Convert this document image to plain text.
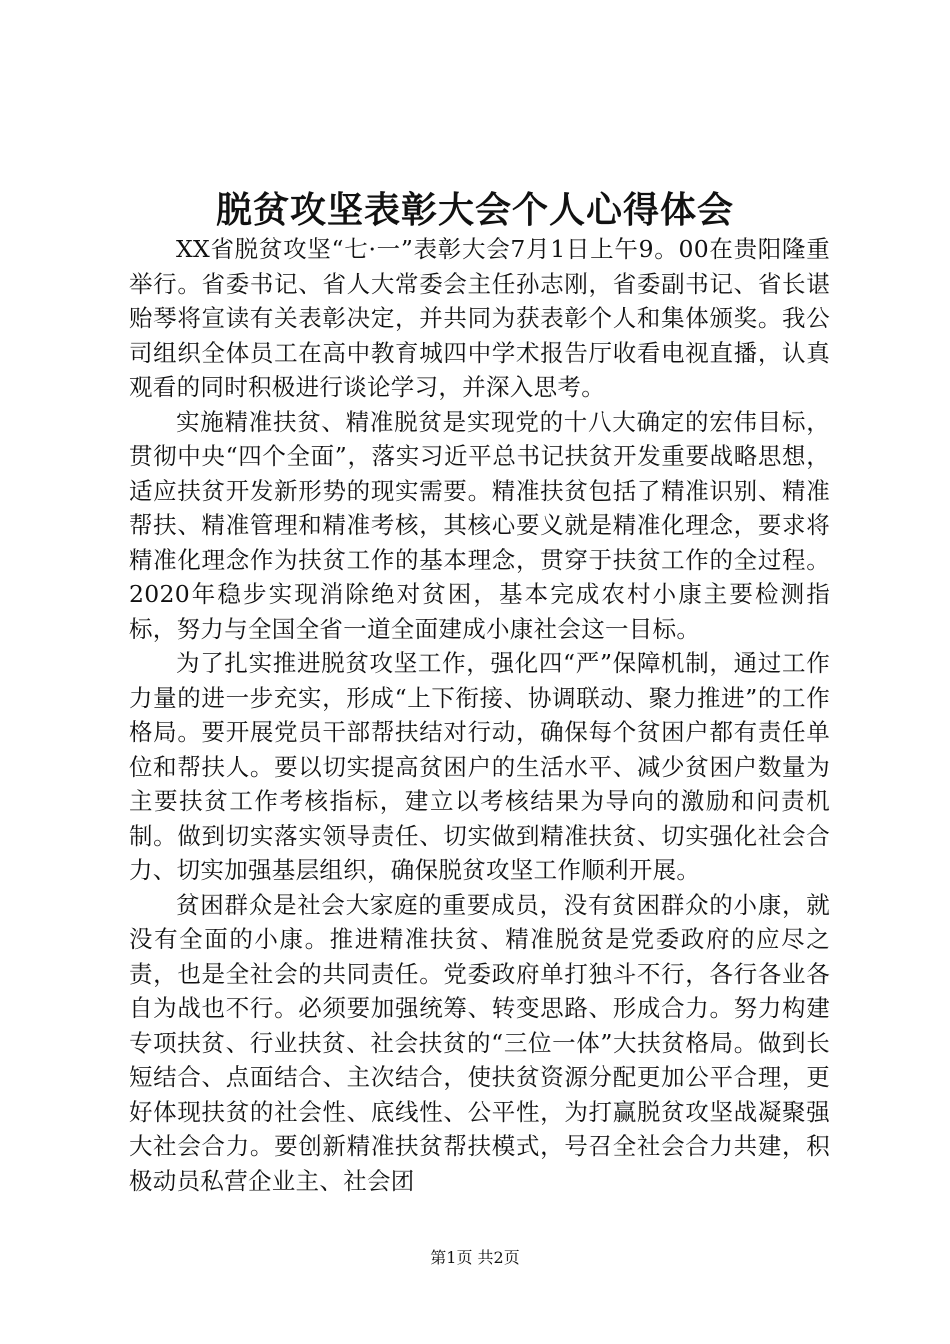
脱贫攻坚表彰大会个人心得体会

XX省脱贫攻坚“七·一”表彰大会7月1日上午9。00在贵阳隆重举行。省委书记、省人大常委会主任孙志刚，省委副书记、省长谌贻琴将宣读有关表彰决定，并共同为获表彰个人和集体颁奖。我公司组织全体员工在高中教育城四中学术报告厅收看电视直播，认真观看的同时积极进行谈论学习，并深入思考。

实施精准扶贫、精准脱贫是实现党的十八大确定的宏伟目标，贯彻中央“四个全面”，落实习近平总书记扶贫开发重要战略思想，适应扶贫开发新形势的现实需要。精准扶贫包括了精准识别、精准帮扶、精准管理和精准考核，其核心要义就是精准化理念，要求将精准化理念作为扶贫工作的基本理念，贯穿于扶贫工作的全过程。2020年稳步实现消除绝对贫困，基本完成农村小康主要检测指标，努力与全国全省一道全面建成小康社会这一目标。

为了扎实推进脱贫攻坚工作，强化四“严”保障机制，通过工作力量的进一步充实，形成“上下衔接、协调联动、聚力推进”的工作格局。要开展党员干部帮扶结对行动，确保每个贫困户都有责任单位和帮扶人。要以切实提高贫困户的生活水平、减少贫困户数量为主要扶贫工作考核指标，建立以考核结果为导向的激励和问责机制。做到切实落实领导责任、切实做到精准扶贫、切实强化社会合力、切实加强基层组织，确保脱贫攻坚工作顺利开展。

贫困群众是社会大家庭的重要成员，没有贫困群众的小康，就没有全面的小康。推进精准扶贫、精准脱贫是党委政府的应尽之责，也是全社会的共同责任。党委政府单打独斗不行，各行各业各自为战也不行。必须要加强统筹、转变思路、形成合力。努力构建专项扶贫、行业扶贫、社会扶贫的“三位一体”大扶贫格局。做到长短结合、点面结合、主次结合，使扶贫资源分配更加公平合理，更好体现扶贫的社会性、底线性、公平性，为打赢脱贫攻坚战凝聚强大社会合力。要创新精准扶贫帮扶模式，号召全社会合力共建，积极动员私营企业主、社会团

第1页 共2页
